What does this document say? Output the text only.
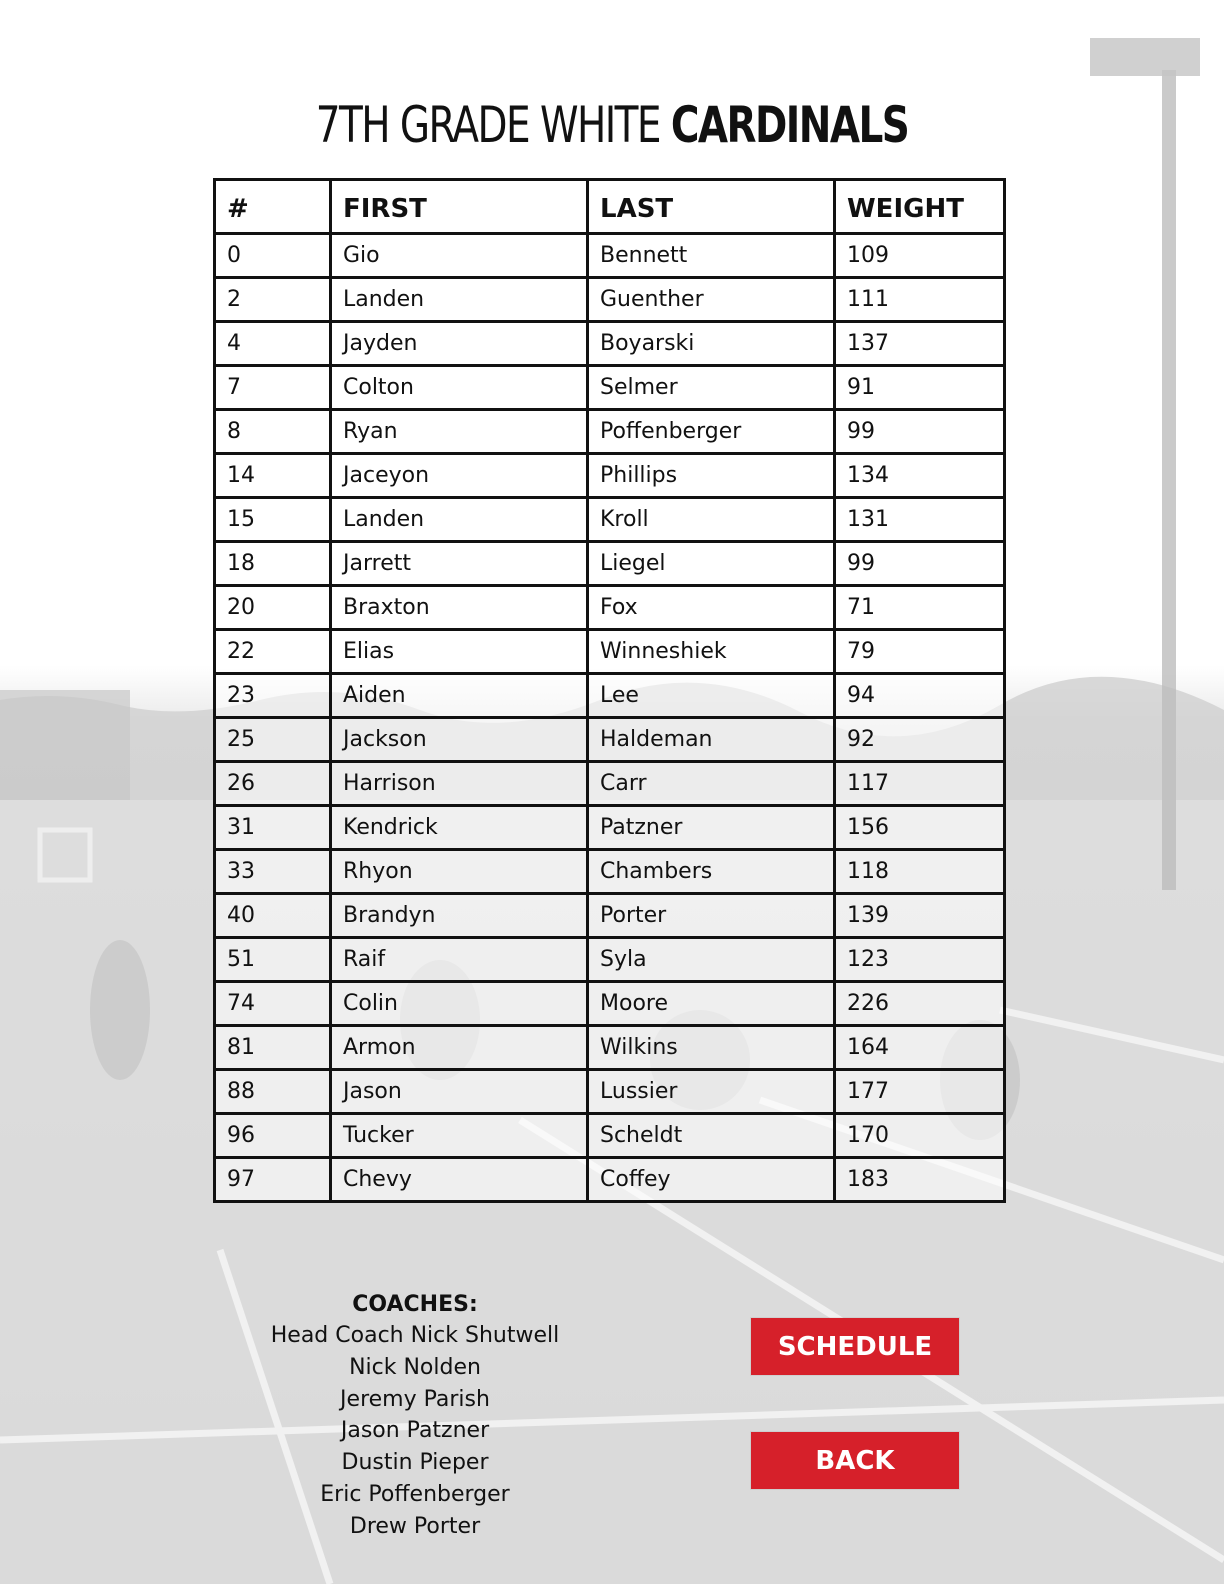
7TH GRADE WHITE CARDINALS
#	FIRST	LAST	WEIGHT
0	Gio	Bennett	109
2	Landen	Guenther	111
4	Jayden	Boyarski	137
7	Colton	Selmer	91
8	Ryan	Poffenberger	99
14	Jaceyon	Phillips	134
15	Landen	Kroll	131
18	Jarrett	Liegel	99
20	Braxton	Fox	71
22	Elias	Winneshiek	79
23	Aiden	Lee	94
25	Jackson	Haldeman	92
26	Harrison	Carr	117
31	Kendrick	Patzner	156
33	Rhyon	Chambers	118
40	Brandyn	Porter	139
51	Raif	Syla	123
74	Colin	Moore	226
81	Armon	Wilkins	164
88	Jason	Lussier	177
96	Tucker	Scheldt	170
97	Chevy	Coffey	183
COACHES:
Head Coach Nick Shutwell
Nick Nolden
Jeremy Parish
Jason Patzner
Dustin Pieper
Eric Poffenberger
Drew Porter
SCHEDULE
BACK
